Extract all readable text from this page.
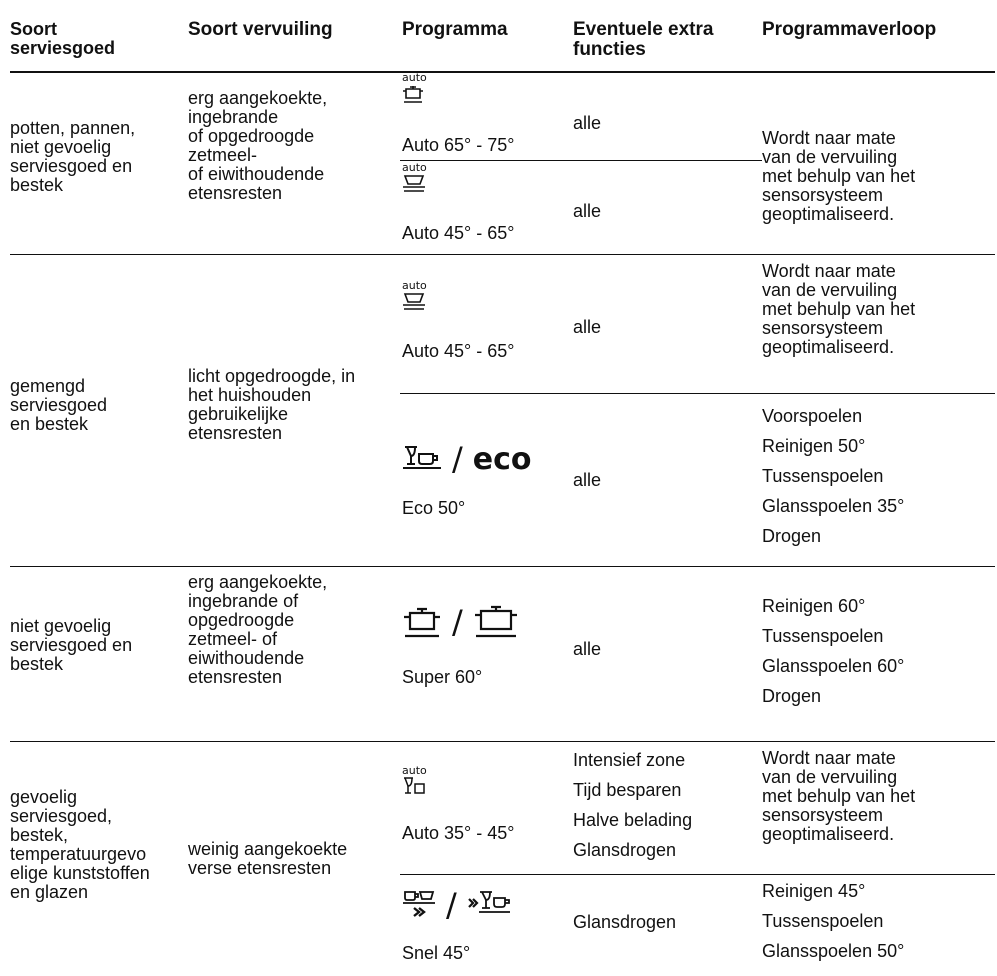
Soort
serviesgoed
Soort vervuiling	Programma	Eventuele extra
functies
Programmaverloop
potten, pannen,
niet gevoelig
serviesgoed en
bestek
erg aangekoekte,
ingebrande
of opgedroogde
zetmeel-
of eiwithoudende
etensresten
auto
Auto 65° - 75°
alle
auto
Auto 45° - 65°
alle
Wordt naar mate
van de vervuiling
met behulp van het
sensorsysteem
geoptimaliseerd.
gemengd
serviesgoed
en bestek
licht opgedroogde, in
het huishouden
gebruikelijke
etensresten
auto
Auto 45° - 65°
alle
Wordt naar mate
van de vervuiling
met behulp van het
sensorsysteem
geoptimaliseerd.
/ eco
Eco 50°
alle
Voorspoelen
Reinigen 50°
Tussenspoelen
Glansspoelen 35°
Drogen
niet gevoelig
serviesgoed en
bestek
erg aangekoekte,
ingebrande of
opgedroogde
zetmeel- of
eiwithoudende
etensresten
/
Super 60°
alle
Reinigen 60°
Tussenspoelen
Glansspoelen 60°
Drogen
gevoelig
serviesgoed,
bestek,
temperatuurgevo
elige kunststoffen
en glazen
weinig aangekoekte
verse etensresten
auto
Auto 35° - 45°
Intensief zone
Tijd besparen
Halve belading
Glansdrogen
Wordt naar mate
van de vervuiling
met behulp van het
sensorsysteem
geoptimaliseerd.
/
Snel 45°
Glansdrogen
Reinigen 45°
Tussenspoelen
Glansspoelen 50°
